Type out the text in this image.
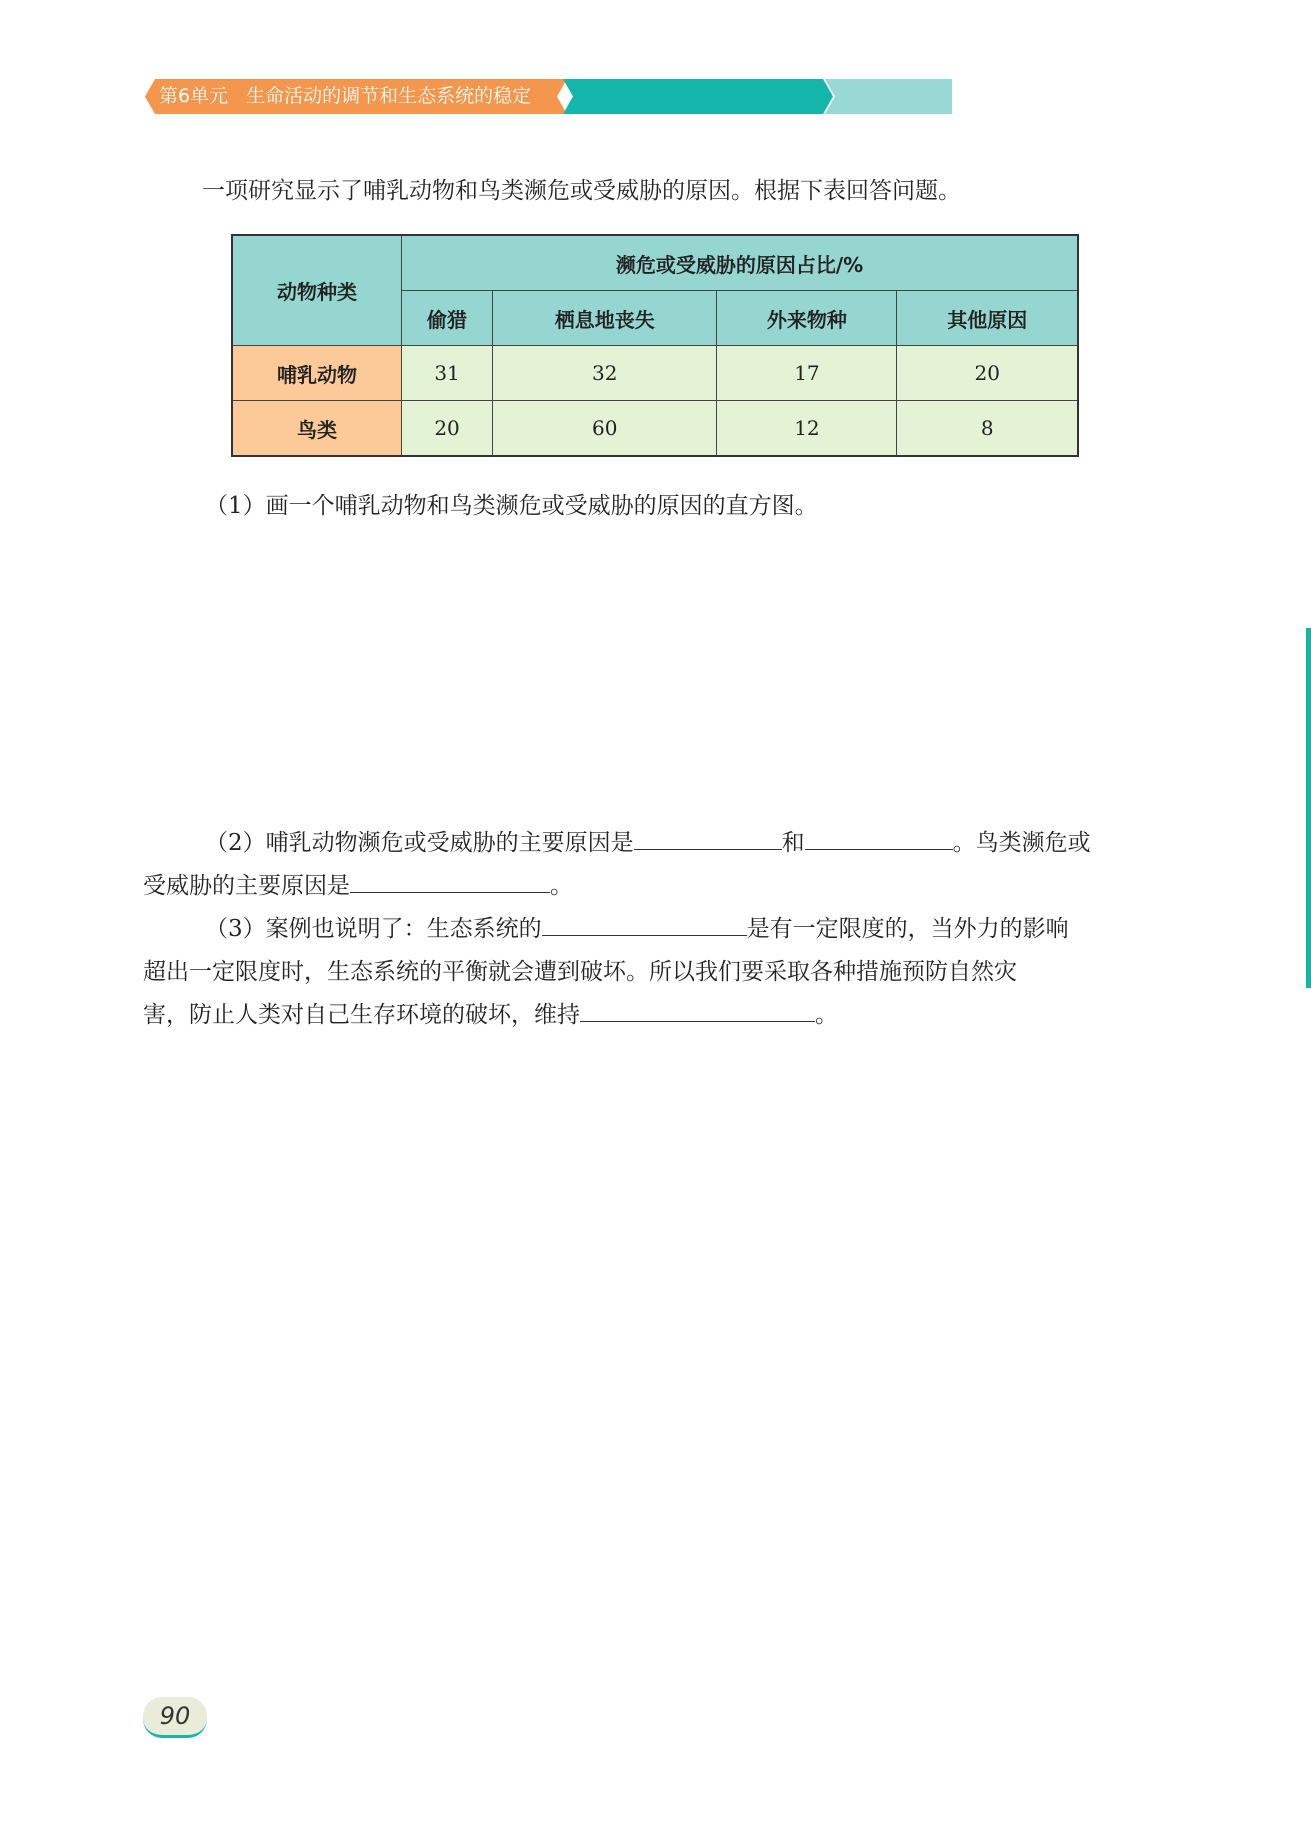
第6单元 生命活动的调节和生态系统的稳定
一项研究显示了哺乳动物和鸟类濒危或受威胁的原因。根据下表回答问题。
动物种类	濒危或受威胁的原因占比/%			
	偷猎	栖息地丧失	外来物种	其他原因
哺乳动物	31	32	17	20
鸟类	20	60	12	8
（1）画一个哺乳动物和鸟类濒危或受威胁的原因的直方图。
（2）哺乳动物濒危或受威胁的主要原因是	和	。鸟类濒危或
受威胁的主要原因是	。
（3）案例也说明了：生态系统的	是有一定限度的，当外力的影响
超出一定限度时，生态系统的平衡就会遭到破坏。所以我们要采取各种措施预防自然灾
害，防止人类对自己生存环境的破坏，维持	。
90
